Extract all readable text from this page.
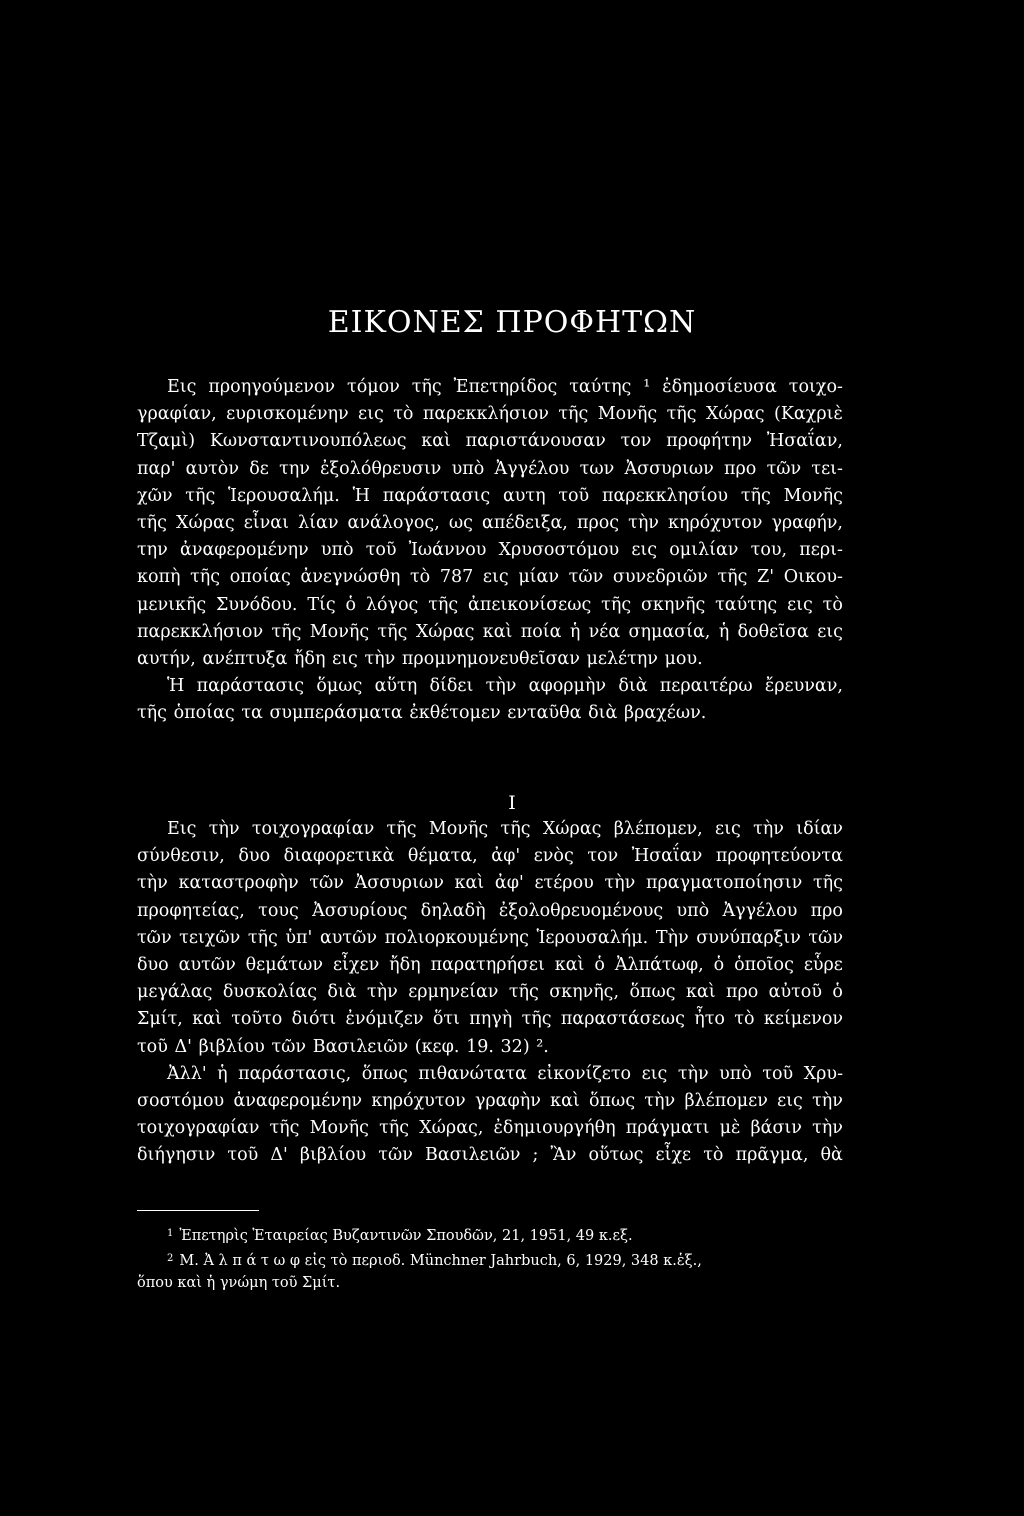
ΕΙΚΟΝΕΣ ΠΡΟΦΗΤΩΝ
Εις προηγούμενον τόμον τῆς Ἐπετηρίδος ταύτης ¹ ἐδημοσίευσα τοιχο-
γραφίαν, ευρισκομένην εις τὸ παρεκκλήσιον τῆς Μονῆς τῆς Χώρας (Καχριὲ
Τζαμὶ) Κωνσταντινουπόλεως καὶ παριστάνουσαν τον προφήτην Ἠσαΐαν,
παρ' αυτὸν δε την ἐξολόθρευσιν υπὸ Ἀγγέλου των Ἀσσυριων προ τῶν τει-
χῶν τῆς Ἱερουσαλήμ. Ἡ παράστασις αυτη τοῦ παρεκκλησίου τῆς Μονῆς
τῆς Χώρας εἶναι λίαν ανάλογος, ως απέδειξα, προς τὴν κηρόχυτον γραφήν,
την ἀναφερομένην υπὸ τοῦ Ἰωάννου Χρυσοστόμου εις ομιλίαν του, περι-
κοπὴ τῆς οποίας ἀνεγνώσθη τὸ 787 εις μίαν τῶν συνεδριῶν τῆς Ζ' Οικου-
μενικῆς Συνόδου. Τίς ὁ λόγος τῆς ἀπεικονίσεως τῆς σκηνῆς ταύτης εις τὸ
παρεκκλήσιον τῆς Μονῆς τῆς Χώρας καὶ ποία ἡ νέα σημασία, ἡ δοθεῖσα εις
αυτήν, ανέπτυξα ἤδη εις τὴν προμνημονευθεῖσαν μελέτην μου.
Ἡ παράστασις ὅμως αὕτη δίδει τὴν αφορμὴν διὰ περαιτέρω ἔρευναν,
τῆς ὁποίας τα συμπεράσματα ἐκθέτομεν ενταῦθα διὰ βραχέων.
Ι
Εις τὴν τοιχογραφίαν τῆς Μονῆς τῆς Χώρας βλέπομεν, εις τὴν ιδίαν
σύνθεσιν, δυο διαφορετικὰ θέματα, ἀφ' ενὸς τον Ἠσαΐαν προφητεύοντα
τὴν καταστροφὴν τῶν Ἀσσυριων καὶ ἀφ' ετέρου τὴν πραγματοποίησιν τῆς
προφητείας, τους Ἀσσυρίους δηλαδὴ ἐξολοθρευομένους υπὸ Ἀγγέλου προ
τῶν τειχῶν τῆς ὑπ' αυτῶν πολιορκουμένης Ἱερουσαλήμ. Τὴν συνύπαρξιν τῶν
δυο αυτῶν θεμάτων εἶχεν ἤδη παρατηρήσει καὶ ὁ Ἀλπάτωφ, ὁ ὁποῖος εὗρε
μεγάλας δυσκολίας διὰ τὴν ερμηνείαν τῆς σκηνῆς, ὅπως καὶ προ αὐτοῦ ὁ
Σμίτ, καὶ τοῦτο διότι ἐνόμιζεν ὅτι πηγὴ τῆς παραστάσεως ἦτο τὸ κείμενον
τοῦ Δ' βιβλίου τῶν Βασιλειῶν (κεφ. 19. 32) ².
Ἀλλ' ἡ παράστασις, ὅπως πιθανώτατα εἰκονίζετο εις τὴν υπὸ τοῦ Χρυ-
σοστόμου ἀναφερομένην κηρόχυτον γραφὴν καὶ ὅπως τὴν βλέπομεν εις τὴν
τοιχογραφίαν τῆς Μονῆς τῆς Χώρας, ἐδημιουργήθη πράγματι μὲ βάσιν τὴν
διήγησιν τοῦ Δ' βιβλίου τῶν Βασιλειῶν ; Ἂν οὕτως εἶχε τὸ πρᾶγμα, θὰ
$^1$ Ἐπετηρὶς Ἑταιρείας Βυζαντινῶν Σπουδῶν, 21, 1951, 49 κ.εξ.
$^2$ Μ. Ἀ λ π ά τ ω φ εἰς τὸ περιοδ. Münchner Jahrbuch, 6, 1929, 348 κ.ἑξ.,
ὅπου καὶ ἡ γνώμη τοῦ Σμίτ.
